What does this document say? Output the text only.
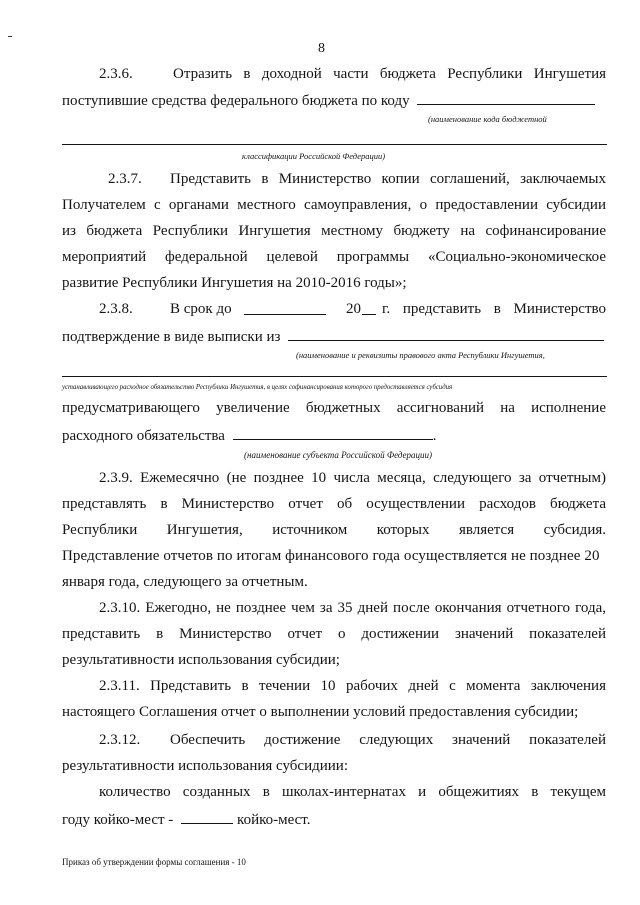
8
2.3.6.	Отразить в доходной части бюджета Республики Ингушетия
поступившие средства федерального бюджета по коду
(наименование кода бюджетной
классификации Российской Федерации)
2.3.7. Представить в Министерство копии соглашений, заключаемых
Получателем с органами местного самоуправления, о предоставлении субсидии
из бюджета Республики Ингушетия местному бюджету на софинансирование
мероприятий федеральной целевой программы «Социально-экономическое
развитие Республики Ингушетия на 2010-2016 годы»;
2.3.8. В срок до	20 г. представить в Министерство
подтверждение в виде выписки из
(наименование и реквизиты правового акта Республики Ингушетия,
устанавливающего расходное обязательство Республики Ингушетия, в целях софинансирования которого предоставляется субсидия
предусматривающего увеличение бюджетных ассигнований на исполнение
расходного обязательства	.
(наименование субъекта Российской Федерации)
2.3.9. Ежемесячно (не позднее 10 числа месяца, следующего за отчетным)
представлять в Министерство отчет об осуществлении расходов бюджета
Республики Ингушетия, источником которых является субсидия.
Представление отчетов по итогам финансового года осуществляется не позднее 20
января года, следующего за отчетным.
2.3.10. Ежегодно, не позднее чем за 35 дней после окончания отчетного года,
представить в Министерство отчет о достижении значений показателей
результативности использования субсидии;
2.3.11. Представить в течении 10 рабочих дней с момента заключения
настоящего Соглашения отчет о выполнении условий предоставления субсидии;
2.3.12. Обеспечить достижение следующих значений показателей
результативности использования субсидиии:
количество созданных в школах-интернатах и общежитиях в текущем
году койко-мест -	койко-мест.
Приказ об утверждении формы соглашения - 10
